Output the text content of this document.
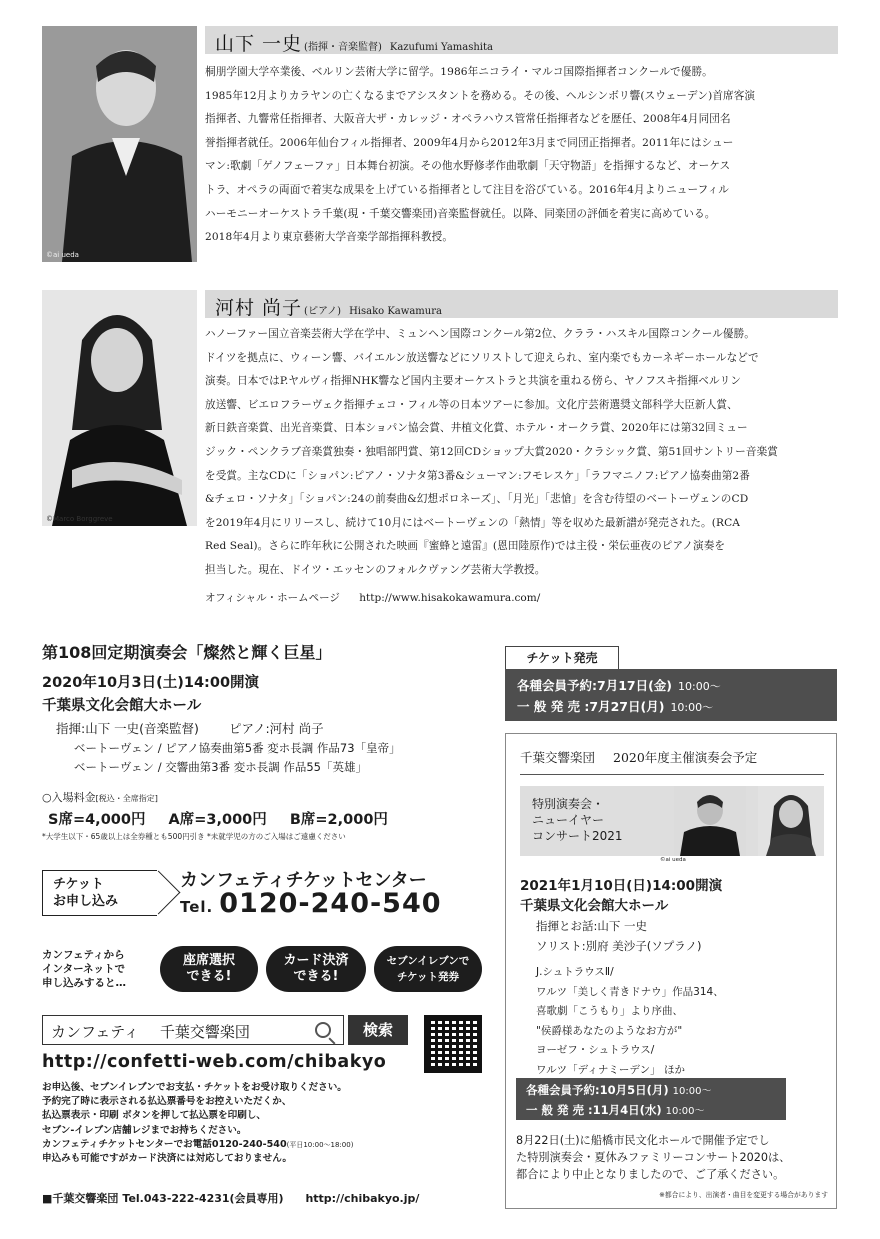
©ai ueda
山下 一史 (指揮・音楽監督) Kazufumi Yamashita
桐朋学園大学卒業後、ベルリン芸術大学に留学。1986年ニコライ・マルコ国際指揮者コンクールで優勝。
1985年12月よりカラヤンの亡くなるまでアシスタントを務める。その後、ヘルシンボリ響(スウェーデン)首席客演
指揮者、九響常任指揮者、大阪音大ザ・カレッジ・オペラハウス管常任指揮者などを歴任、2008年4月同団名
誉指揮者就任。2006年仙台フィル指揮者、2009年4月から2012年3月まで同団正指揮者。2011年にはシュー
マン:歌劇「ゲノフェーファ」日本舞台初演。その他水野修孝作曲歌劇「天守物語」を指揮するなど、オーケス
トラ、オペラの両面で着実な成果を上げている指揮者として注目を浴びている。2016年4月よりニューフィル
ハーモニーオーケストラ千葉(現・千葉交響楽団)音楽監督就任。以降、同楽団の評価を着実に高めている。
2018年4月より東京藝術大学音楽学部指揮科教授。
©Marco Borggreve
河村 尚子 (ピアノ) Hisako Kawamura
ハノーファー国立音楽芸術大学在学中、ミュンヘン国際コンクール第2位、クララ・ハスキル国際コンクール優勝。
ドイツを拠点に、ウィーン響、バイエルン放送響などにソリストして迎えられ、室内楽でもカーネギーホールなどで
演奏。日本ではP.ヤルヴィ指揮NHK響など国内主要オーケストラと共演を重ねる傍ら、ヤノフスキ指揮ベルリン
放送響、ビエロフラーヴェク指揮チェコ・フィル等の日本ツアーに参加。文化庁芸術選奨文部科学大臣新人賞、
新日鉄音楽賞、出光音楽賞、日本ショパン協会賞、井植文化賞、ホテル・オークラ賞、2020年には第32回ミュー
ジック・ペンクラブ音楽賞独奏・独唱部門賞、第12回CDショップ大賞2020・クラシック賞、第51回サントリー音楽賞
を受賞。主なCDに「ショパン:ピアノ・ソナタ第3番&シューマン:フモレスケ」「ラフマニノフ:ピアノ協奏曲第2番
&チェロ・ソナタ」「ショパン:24の前奏曲&幻想ポロネーズ」、「月光」「悲愴」を含む待望のベートーヴェンのCD
を2019年4月にリリースし、続けて10月にはベートーヴェンの「熱情」等を収めた最新譜が発売された。(RCA
Red Seal)。さらに昨年秋に公開された映画『蜜蜂と遠雷』(恩田陸原作)では主役・栄伝亜夜のピアノ演奏を
担当した。現在、ドイツ・エッセンのフォルクヴァング芸術大学教授。
オフィシャル・ホームページ http://www.hisakokawamura.com/
第108回定期演奏会「燦然と輝く巨星」
2020年10月3日(土)14:00開演
千葉県文化会館大ホール
指揮:山下 一史(音楽監督) ピアノ:河村 尚子
ベートーヴェン / ピアノ協奏曲第5番 変ホ長調 作品73「皇帝」
ベートーヴェン / 交響曲第3番 変ホ長調 作品55「英雄」
○入場料金[税込・全席指定]
S席=4,000円 A席=3,000円 B席=2,000円
*大学生以下・65歳以上は全券種とも500円引き *未就学児の方のご入場はご遠慮ください
チケット
お申し込み
カンフェティチケットセンター
Tel. 0120-240-540
カンフェティから
インターネットで
申し込みすると…
座席選択
できる!
カード決済
できる!
セブンイレブンで
チケット発券
カンフェティ 千葉交響楽団	検索
http://confetti-web.com/chibakyo
お申込後、セブンイレブンでお支払・チケットをお受け取りください。
予約完了時に表示される払込票番号をお控えいただくか、
払込票表示・印刷 ボタンを押して払込票を印刷し、
セブン-イレブン店舗レジまでお持ちください。
カンフェティチケットセンターでお電話0120-240-540(平日10:00〜18:00)
申込みも可能ですがカード決済には対応しておりません。
■千葉交響楽団 Tel.043-222-4231(会員専用) http://chibakyo.jp/
チケット発売
各種会員予約:7月17日(金) 10:00〜
一 般 発 売 :7月27日(月) 10:00〜
千葉交響楽団 2020年度主催演奏会予定
特別演奏会・
ニューイヤー
コンサート2021
©ai ueda
2021年1月10日(日)14:00開演
千葉県文化会館大ホール
指揮とお話:山下 一史
ソリスト:別府 美沙子(ソプラノ)
J.シュトラウスⅡ/
ワルツ「美しく青きドナウ」作品314、
喜歌劇「こうもり」より序曲、
"侯爵様あなたのようなお方が"
ヨーゼフ・シュトラウス/
ワルツ「ディナミーデン」 ほか
各種会員予約:10月5日(月) 10:00〜
一 般 発 売 :11月4日(水) 10:00〜
8月22日(土)に船橋市民文化ホールで開催予定でし
た特別演奏会・夏休みファミリーコンサート2020は、
都合により中止となりましたので、ご了承ください。
※都合により、出演者・曲目を変更する場合があります
